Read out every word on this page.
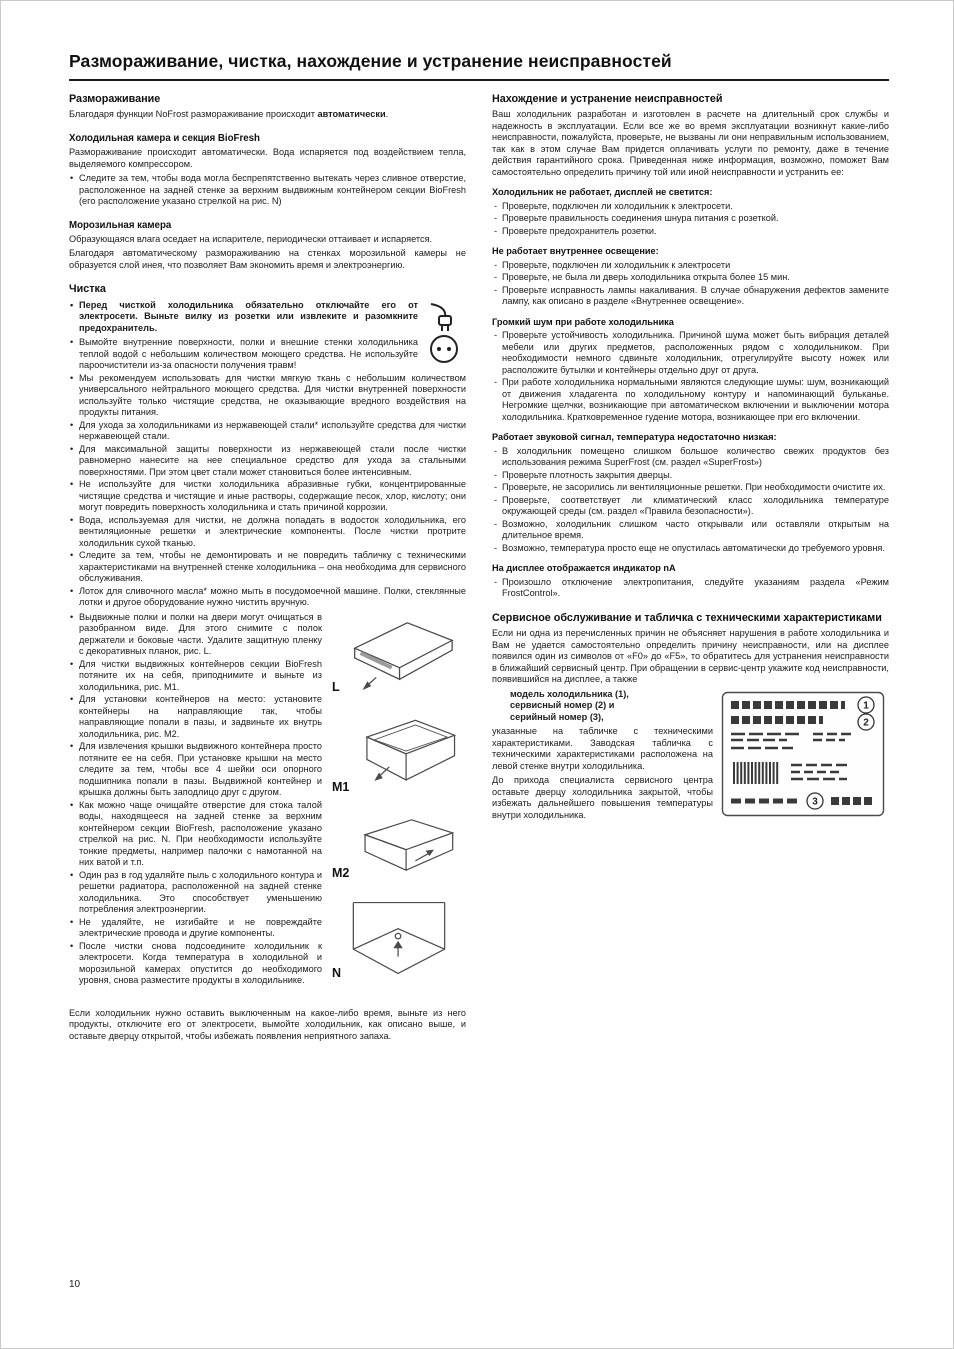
Размораживание, чистка, нахождение и устранение неисправностей
Размораживание

Благодаря функции NoFrost размораживание происходит автоматически.

Холодильная камера и секция BioFresh

Размораживание происходит автоматически. Вода испаряется под воздействием тепла, выделяемого компрессором.

• Следите за тем, чтобы вода могла беспрепятственно вытекать через сливное отверстие, расположенное на задней стенке за верхним выдвижным контейнером секции BioFresh (его расположение указано стрелкой на рис. N)
Морозильная камера

Образующаяся влага оседает на испарителе, периодически оттаивает и испаряется.

Благодаря автоматическому размораживанию на стенках морозильной камеры не образуется слой инея, что позволяет Вам экономить время и электроэнергию.

Чистка
• Перед чисткой холодильника обязательно отключайте его от электросети. Выньте вилку из розетки или извлеките и разомкните предохранитель.
• Вымойте внутренние поверхности, полки и внешние стенки холодильника теплой водой с небольшим количеством моющего средства. Не используйте пароочистители из-за опасности получения травм!
• Мы рекомендуем использовать для чистки мягкую ткань с небольшим количеством универсального нейтрального моющего средства. Для чистки внутренней поверхности используйте только чистящие средства, не оказывающие вредного воздействия на продукты питания.
• Для ухода за холодильниками из нержавеющей стали* используйте средства для чистки нержавеющей стали.
• Для максимальной защиты поверхности из нержавеющей стали после чистки равномерно нанесите на нее специальное средство для ухода за стальными поверхностями. При этом цвет стали может становиться более интенсивным.
• Не используйте для чистки холодильника абразивные губки, концентрированные чистящие средства и чистящие и иные растворы, содержащие песок, хлор, кислоту; они могут повредить поверхность холодильника и стать причиной коррозии.
• Вода, используемая для чистки, не должна попадать в водосток холодильника, его вентиляционные решетки и электрические компоненты. После чистки протрите холодильник сухой тканью.
• Следите за тем, чтобы не демонтировать и не повредить табличку с техническими характеристиками на внутренней стенке холодильника – она необходима для сервисного обслуживания.
• Лоток для сливочного масла* можно мыть в посудомоечной машине. Полки, стеклянные лотки и другое оборудование нужно чистить вручную.
L
M1
M2
N
• Выдвижные полки и полки на двери могут очищаться в разобранном виде. Для этого снимите с полок держатели и боковые части. Удалите защитную пленку с декоративных планок, рис. L.
• Для чистки выдвижных контейнеров секции BioFresh потяните их на себя, приподнимите и выньте из холодильника, рис. М1.
• Для установки контейнеров на место: установите контейнеры на направляющие так, чтобы направляющие попали в пазы, и задвиньте их внутрь холодильника, рис. М2.
• Для извлечения крышки выдвижного контейнера просто потяните ее на себя. При установке крышки на место следите за тем, чтобы все 4 шейки оси опорного подшипника попали в пазы. Выдвижной контейнер и крышка должны быть заподлицо друг с другом.
• Как можно чаще очищайте отверстие для стока талой воды, находящееся на задней стенке за верхним контейнером секции BioFresh, расположение указано стрелкой на рис. N. При необходимости используйте тонкие предметы, например палочки с намотанной на них ватой и т.п.
• Один раз в год удаляйте пыль с холодильного контура и решетки радиатора, расположенной на задней стенке холодильника. Это способствует уменьшению потребления электроэнергии.
• Не удаляйте, не изгибайте и не повреждайте электрические провода и другие компоненты.
• После чистки снова подсоедините холодильник к электросети. Когда температура в холодильной и морозильной камерах опустится до необходимого уровня, снова разместите продукты в холодильнике.

Если холодильник нужно оставить выключенным на какое-либо время, выньте из него продукты, отключите его от электросети, вымойте холодильник, как описано выше, и оставьте дверцу открытой, чтобы избежать появления неприятного запаха.

Нахождение и устранение неисправностей

Ваш холодильник разработан и изготовлен в расчете на длительный срок службы и надежность в эксплуатации. Если все же во время эксплуатации возникнут какие-либо неисправности, пожалуйста, проверьте, не вызваны ли они неправильным использованием, так как в этом случае Вам придется оплачивать услуги по ремонту, даже в течение действия гарантийного срока. Приведенная ниже информация, возможно, поможет Вам самостоятельно определить причину той или иной неисправности и устранить ее:

Холодильник не работает, дисплей не светится:
- Проверьте, подключен ли холодильник к электросети.
- Проверьте правильность соединения шнура питания с розеткой.
- Проверьте предохранитель розетки.
Не работает внутреннее освещение:
- Проверьте, подключен ли холодильник к электросети
- Проверьте, не была ли дверь холодильника открыта более 15 мин.
- Проверьте исправность лампы накаливания. В случае обнаружения дефектов замените лампу, как описано в разделе «Внутреннее освещение».
Громкий шум при работе холодильника
- Проверьте устойчивость холодильника. Причиной шума может быть вибрация деталей мебели или других предметов, расположенных рядом с холодильником. При необходимости немного сдвиньте холодильник, отрегулируйте высоту ножек или расположите бутылки и контейнеры отдельно друг от друга.
- При работе холодильника нормальными являются следующие шумы: шум, возникающий от движения хладагента по холодильному контуру и напоминающий бульканье. Негромкие щелчки, возникающие при автоматическом включении и выключении мотора холодильника. Кратковременное гудение мотора, возникающее при его включении.
Работает звуковой сигнал, температура недостаточно низкая:
- В холодильник помещено слишком большое количество свежих продуктов без использования режима SuperFrost (см. раздел «SuperFrost»)
- Проверьте плотность закрытия дверцы.
- Проверьте, не засорились ли вентиляционные решетки. При необходимости очистите их.
- Проверьте, соответствует ли климатический класс холодильника температуре окружающей среды (см. раздел «Правила безопасности»).
- Возможно, холодильник слишком часто открывали или оставляли открытым на длительное время.
- Возможно, температура просто еще не опустилась автоматически до требуемого уровня.
На дисплее отображается индикатор nA
- Произошло отключение электропитания, следуйте указаниям раздела «Режим FrostControl».
Сервисное обслуживание и табличка с техническими характеристиками

Если ни одна из перечисленных причин не объясняет нарушения в работе холодильника и Вам не удается самостоятельно определить причину неисправности, или на дисплее появился один из символов от «F0» до «F5», то обратитесь для устранения неисправности в ближайший сервисный центр. При обращении в сервис-центр укажите код неисправности, появившийся на дисплее, а также

1
2
3
модель холодильника (1),
сервисный номер (2) и
серийный номер (3),

указанные на табличке с техническими характеристиками. Заводская табличка с техническими характеристиками расположена на левой стенке внутри холодильника.

До прихода специалиста сервисного центра оставьте дверцу холодильника закрытой, чтобы избежать дальнейшего повышения температуры внутри холодильника.

10
